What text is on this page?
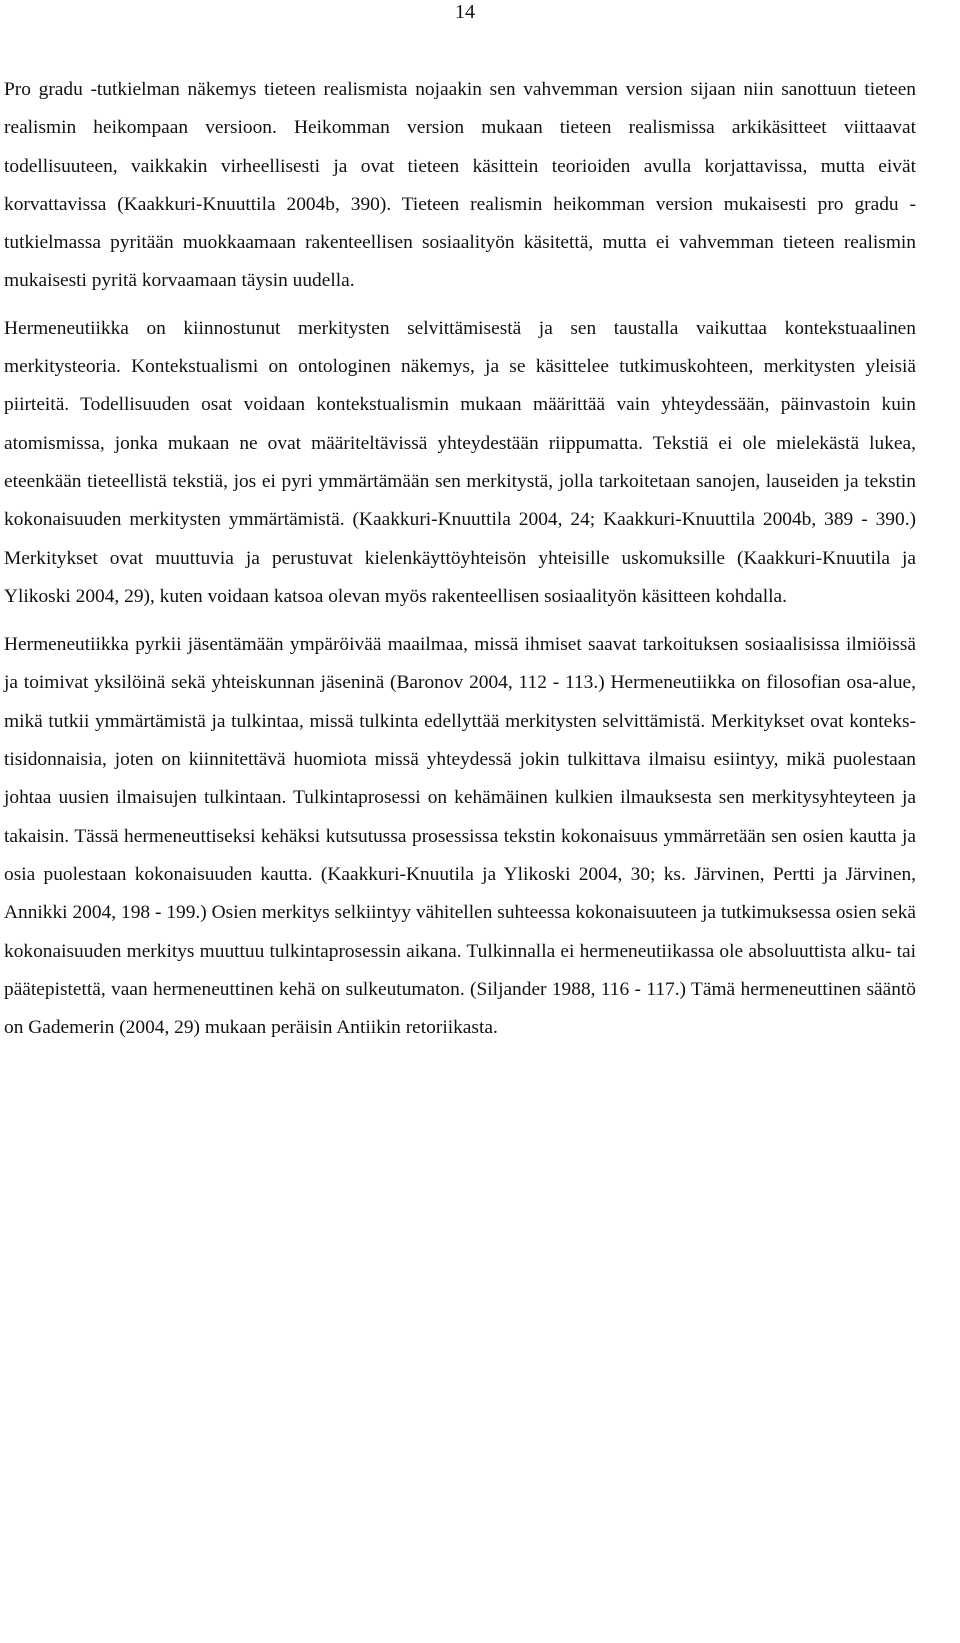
14

Pro gradu -tutkielman näkemys tieteen realismista nojaakin sen vahvemman version sijaan niin sanottuun tieteen realismin heikompaan versioon. Heikomman version mukaan tieteen realismissa arkikäsitteet viittaavat todellisuuteen, vaikkakin virheellisesti ja ovat tieteen käsittein teorioiden avulla korjattavissa, mutta eivät korvattavissa (Kaakkuri-Knuuttila 2004b, 390). Tieteen realismin heikomman version mukaisesti pro gradu -tutkielmassa pyritään muokkaamaan rakenteellisen sosiaalityön käsitettä, mutta ei vahvemman tieteen realismin mukaisesti pyritä korvaamaan täysin uudella.

Hermeneutiikka on kiinnostunut merkitysten selvittämisestä ja sen taustalla vaikuttaa kontekstuaalinen merkitysteoria. Kontekstualismi on ontologinen näkemys, ja se käsittelee tutkimuskohteen, merkitysten yleisiä piirteitä. Todellisuuden osat voidaan kontekstualismin mukaan määrittää vain yhteydessään, päinvastoin kuin atomismissa, jonka mukaan ne ovat määriteltävissä yhteydestään riippumatta. Tekstiä ei ole mielekästä lukea, eteenkään tieteellistä tekstiä, jos ei pyri ymmärtämään sen merkitystä, jolla tarkoitetaan sanojen, lauseiden ja tekstin kokonaisuuden merkitysten ymmärtämistä. (Kaakkuri-Knuuttila 2004, 24; Kaakkuri-Knuuttila 2004b, 389 - 390.) Merkitykset ovat muuttuvia ja perustuvat kielenkäyttöyhteisön yhteisille uskomuksille (Kaakkuri-Knuutila ja Ylikoski 2004, 29), kuten voidaan katsoa olevan myös rakenteellisen sosiaalityön käsitteen kohdalla.

Hermeneutiikka pyrkii jäsentämään ympäröivää maailmaa, missä ihmiset saavat tarkoituksen sosiaalisissa ilmiöissä ja toimivat yksilöinä sekä yhteiskunnan jäseninä (Baronov 2004, 112 - 113.) Hermeneutiikka on filosofian osa-alue, mikä tutkii ymmärtämistä ja tulkintaa, missä tulkinta edellyttää merkitysten selvittämistä. Merkitykset ovat kontekstisidonnaisia, joten on kiinnitettävä huomiota missä yhteydessä jokin tulkittava ilmaisu esiintyy, mikä puolestaan johtaa uusien ilmaisujen tulkintaan. Tulkintaprosessi on kehämäinen kulkien ilmauksesta sen merkitysyhteyteen ja takaisin. Tässä hermeneuttiseksi kehäksi kutsutussa prosessissa tekstin kokonaisuus ymmärretään sen osien kautta ja osia puolestaan kokonaisuuden kautta. (Kaakkuri-Knuutila ja Ylikoski 2004, 30; ks. Järvinen, Pertti ja Järvinen, Annikki 2004, 198 - 199.) Osien merkitys selkiintyy vähitellen suhteessa kokonaisuuteen ja tutkimuksessa osien sekä kokonaisuuden merkitys muuttuu tulkintaprosessin aikana. Tulkinnalla ei hermeneutiikassa ole absoluuttista alku- tai päätepistettä, vaan hermeneuttinen kehä on sulkeutumaton. (Siljander 1988, 116 - 117.) Tämä hermeneuttinen sääntö on Gademerin (2004, 29) mukaan peräisin Antiikin retoriikasta.
